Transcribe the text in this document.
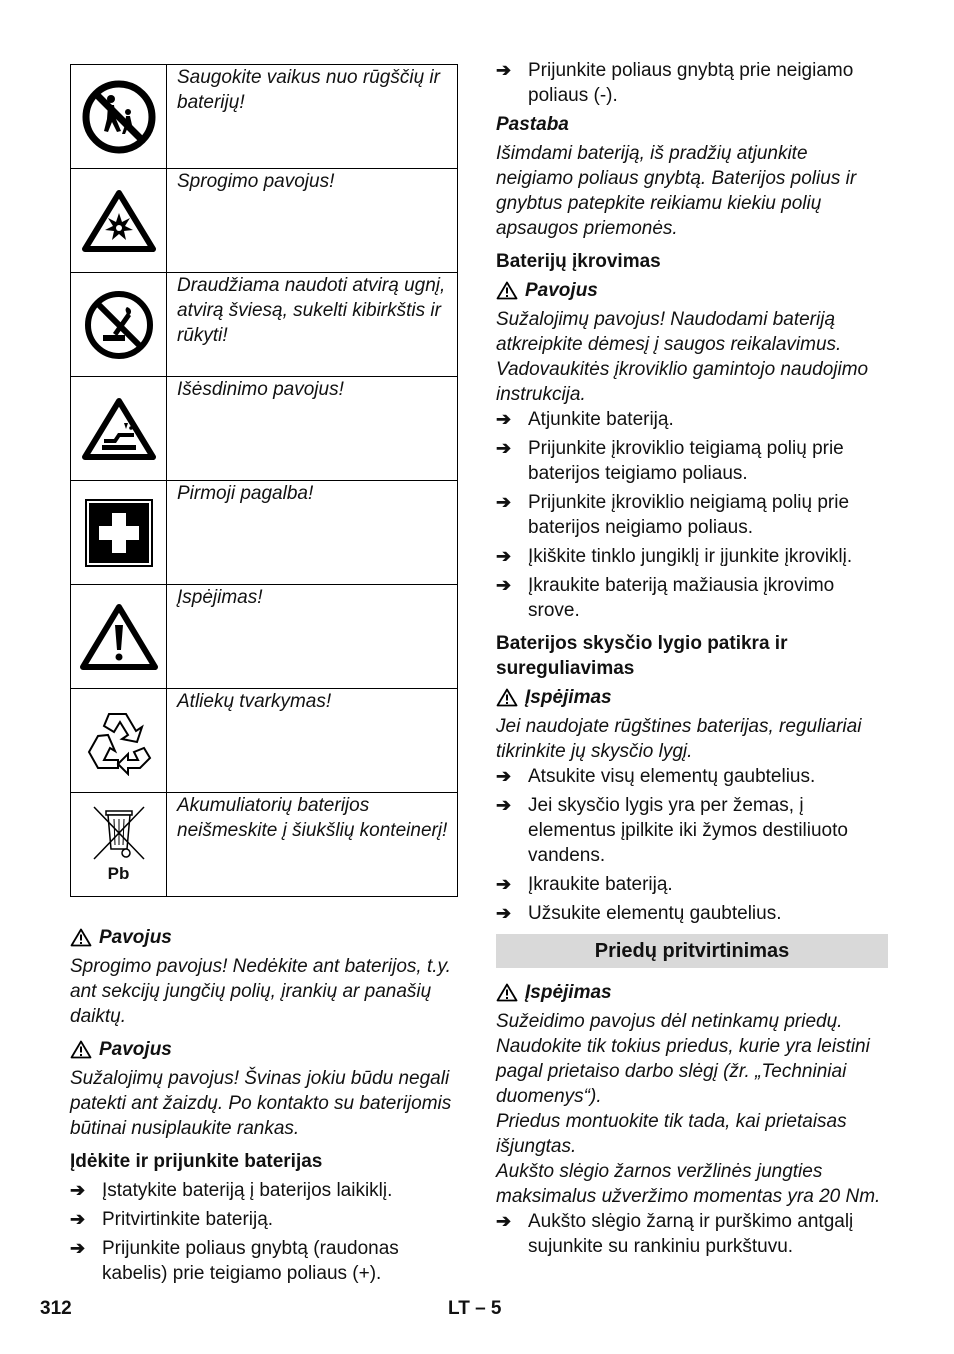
	Saugokite vaikus nuo rūgščių ir baterijų!

	Sprogimo pavojus!

	Draudžiama naudoti atvirą ugnį, atvirą šviesą, sukelti kibirkštis ir rūkyti!

	Išėsdinimo pavojus!

	Pirmoji pagalba!

	Įspėjimas!

	Atliekų tvarkymas!

Pb	Akumuliatorių baterijos neišmeskite į šiukšlių konteinerį!
Pavojus
Sprogimo pavojus! Nedėkite ant baterijos, t.y. ant sekcijų jungčių polių, įrankių ar panašių daiktų.
Pavojus
Sužalojimų pavojus! Švinas jokiu būdu negali patekti ant žaizdų. Po kontakto su baterijomis būtinai nusiplaukite rankas.
Įdėkite ir prijunkite baterijas
➔ Įstatykite bateriją į baterijos laikiklį.
➔ Pritvirtinkite bateriją.
➔ Prijunkite poliaus gnybtą (raudonas kabelis) prie teigiamo poliaus (+).
➔ Prijunkite poliaus gnybtą prie neigiamo poliaus (-).
Pastaba
Išimdami bateriją, iš pradžių atjunkite neigiamo poliaus gnybtą. Baterijos polius ir gnybtus patepkite reikiamu kiekiu polių apsaugos priemonės.
Baterijų įkrovimas
Pavojus
Sužalojimų pavojus! Naudodami bateriją atkreipkite dėmesį į saugos reikalavimus. Vadovaukitės įkroviklio gamintojo naudojimo instrukcija.
➔ Atjunkite bateriją.
➔ Prijunkite įkroviklio teigiamą polių prie baterijos teigiamo poliaus.
➔ Prijunkite įkroviklio neigiamą polių prie baterijos neigiamo poliaus.
➔ Įkiškite tinklo jungiklį ir įjunkite įkroviklį.
➔ Įkraukite bateriją mažiausia įkrovimo srove.
Baterijos skysčio lygio patikra ir sureguliavimas
Įspėjimas
Jei naudojate rūgštines baterijas, reguliariai tikrinkite jų skysčio lygį.
➔ Atsukite visų elementų gaubtelius.
➔ Jei skysčio lygis yra per žemas, į elementus įpilkite iki žymos destiliuoto vandens.
➔ Įkraukite bateriją.
➔ Užsukite elementų gaubtelius.
Priedų pritvirtinimas
Įspėjimas
Sužeidimo pavojus dėl netinkamų priedų. Naudokite tik tokius priedus, kurie yra leistini pagal prietaiso darbo slėgį (žr. „Techniniai duomenys“).
Priedus montuokite tik tada, kai prietaisas išjungtas.
Aukšto slėgio žarnos veržlinės jungties maksimalus užveržimo momentas yra 20 Nm.
➔ Aukšto slėgio žarną ir purškimo antgalį sujunkite su rankiniu purkštuvu.
312	LT – 5
